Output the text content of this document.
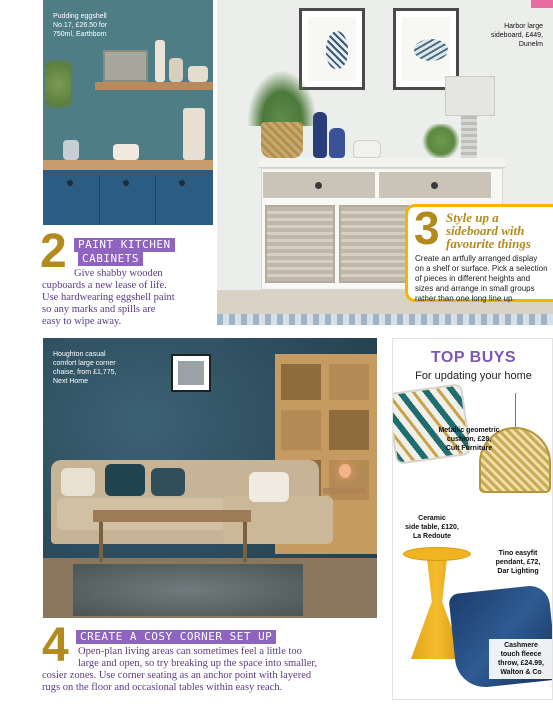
Pudding eggshell
No.17, £26.50 for
750ml, Earthborn
Harbor large
sideboard, £449,
Dunelm
3 Style up a
sideboard with
favourite things
Create an artfully arranged display
on a shelf or surface. Pick a selection
of pieces in different heights and
sizes and arrange in small groups
rather than one long line up.
2	PAINT KITCHEN
CABINETS
Give shabby wooden
cupboards a new lease of life.
Use hardwearing eggshell paint
so any marks and spills are
easy to wipe away.
Houghton casual
comfort large corner
chaise, from £1,775,
Next Home
TOP BUYS
For updating your home
Metallic geometric
cushion, £28,
Cult Furniture
Ceramic
side table, £120,
La Redoute
Tino easyfit
pendant, £72,
Dar Lighting
Cashmere
touch fleece
throw, £24.99,
Walton & Co
4	CREATE A COSY CORNER SET UP
Open-plan living areas can sometimes feel a little too
large and open, so try breaking up the space into smaller,
cosier zones. Use corner seating as an anchor point with layered
rugs on the floor and occasional tables within easy reach.
